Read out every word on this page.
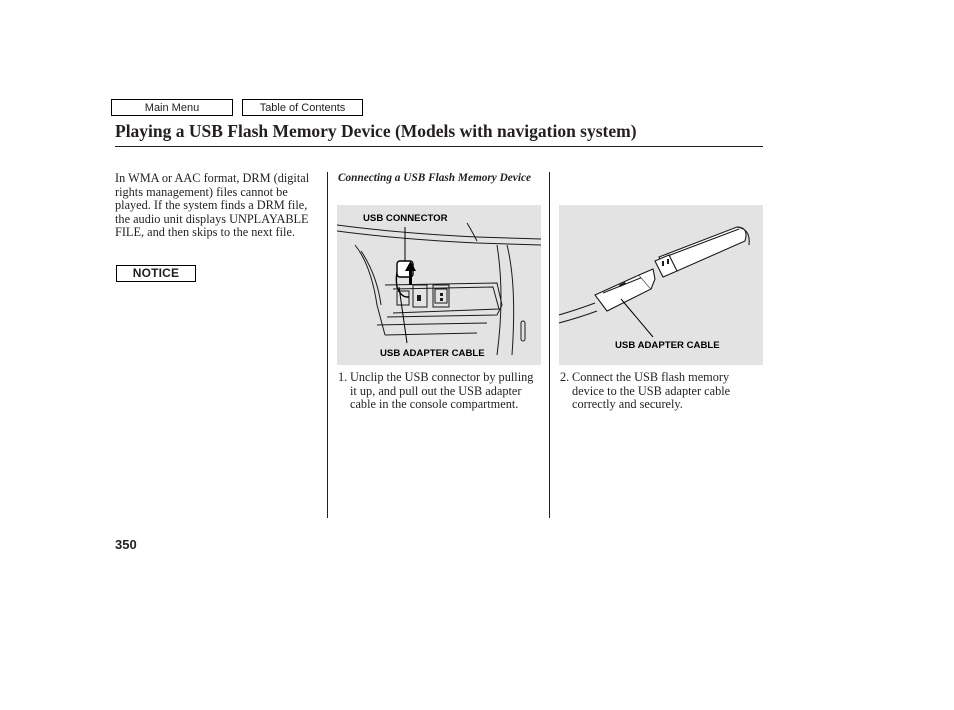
Main Menu	Table of Contents
Playing a USB Flash Memory Device (Models with navigation system)
In WMA or AAC format, DRM (digital rights management) files cannot be played. If the system finds a DRM file, the audio unit displays UNPLAYABLE FILE, and then skips to the next file.
NOTICE
Connecting a USB Flash Memory Device
USB CONNECTOR
USB ADAPTER CABLE
USB ADAPTER CABLE
1. Unclip the USB connector by pulling it up, and pull out the USB adapter cable in the console compartment.
2. Connect the USB flash memory device to the USB adapter cable correctly and securely.
350
